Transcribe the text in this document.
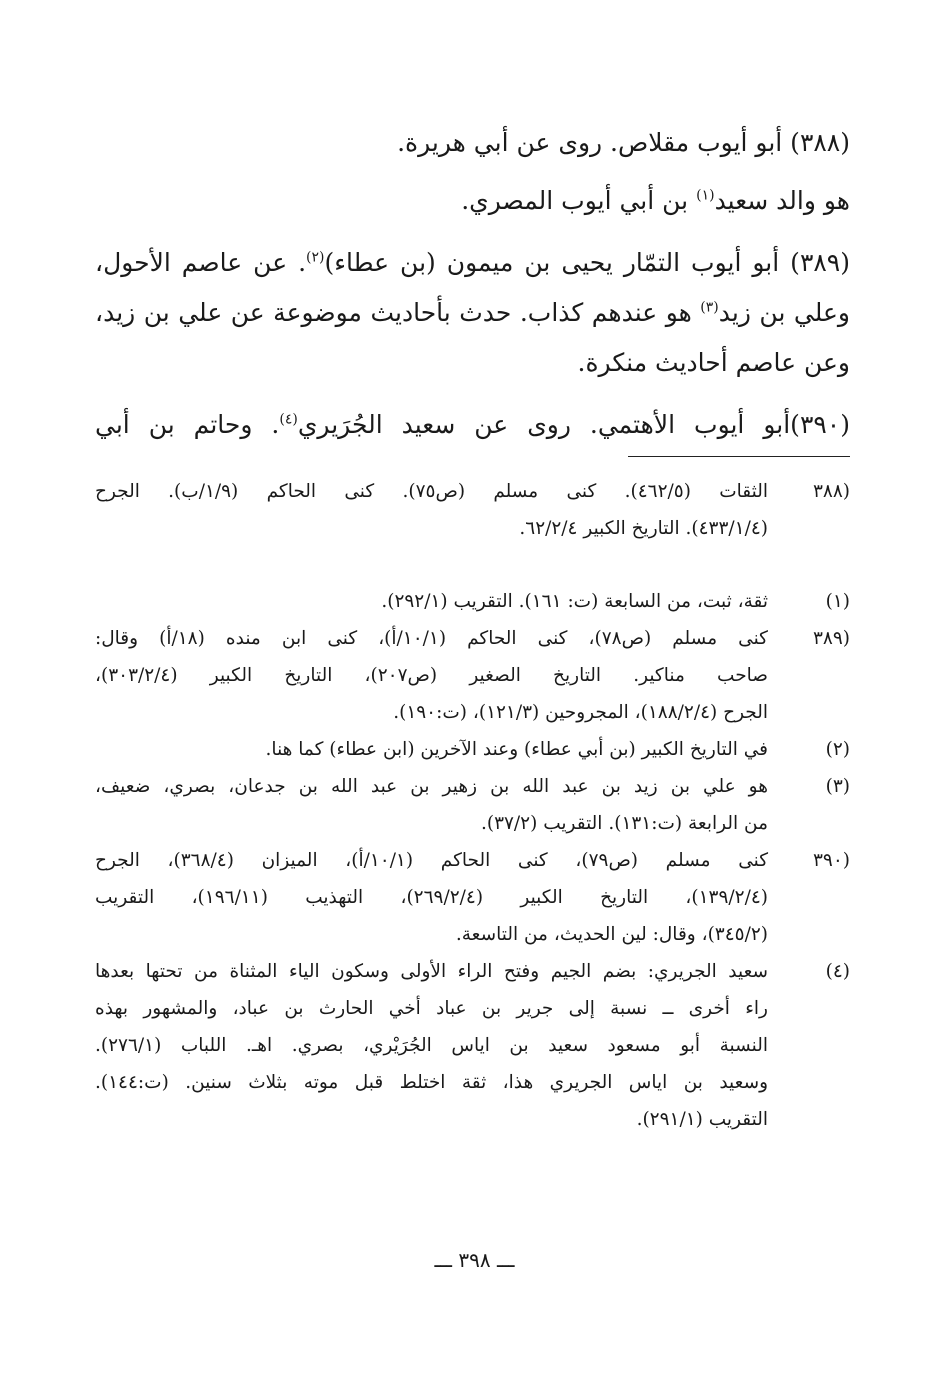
(٣٨٨) أبو أيوب مقلاص. روى عن أبي هريرة.

هو والد سعيد$^{(١)}$ بن أبي أيوب المصري.

(٣٨٩) أبو أيوب التمّار يحيى بن ميمون (بن عطاء)$^{(٢)}$. عن عاصم الأحول،
وعلي بن زيد$^{(٣)}$ هو عندهم كذاب. حدث بأحاديث موضوعة عن علي بن زيد،
وعن عاصم أحاديث منكرة.

(٣٩٠)أبو أيوب الأهتمي. روى عن سعيد الجُرَيري$^{(٤)}$. وحاتم بن أبي

(٣٨٨
الثقات (٤٦٢/٥). كنى مسلم (ص٧٥). كنى الحاكم (١/٩/ب). الجرح
(٤٣٣/١/٤). التاريخ الكبير ٦٢/٢/٤.
(١)
ثقة، ثبت، من السابعة (ت: ١٦١). التقريب (٢٩٢/١).
(٣٨٩
كنى مسلم (ص٧٨)، كنى الحاكم (١٠/١/أ)، كنى ابن منده (١٨/أ) وقال:
صاحب مناكير. التاريخ الصغير (ص٢٠٧)، التاريخ الكبير (٣٠٣/٢/٤)،
الجرح (١٨٨/٢/٤)، المجروحين (١٢١/٣)، (ت:١٩٠).
(٢)
في التاريخ الكبير (بن أبي عطاء) وعند الآخرين (ابن عطاء) كما هنا.
(٣)
هو علي بن زيد بن عبد الله بن زهير بن عبد الله بن جدعان، بصري، ضعيف،
من الرابعة (ت:١٣١). التقريب (٣٧/٢).
(٣٩٠
كنى مسلم (ص٧٩)، كنى الحاكم (١٠/١/أ)، الميزان (٣٦٨/٤)، الجرح
(١٣٩/٢/٤)، التاريخ الكبير (٢٦٩/٢/٤)، التهذيب (١٩٦/١١)، التقريب
(٣٤٥/٢)، وقال: لين الحديث، من التاسعة.
(٤)
سعيد الجريري: بضم الجيم وفتح الراء الأولى وسكون الياء المثناة من تحتها بعدها
راء أخرى ــ نسبة إلى جرير بن عباد أخي الحارث بن عباد، والمشهور بهذه
النسبة أبو مسعود سعيد بن اياس الجُرَيْري، بصري. اهـ. اللباب (٢٧٦/١).
وسعيد بن اياس الجريري هذا، ثقة اختلط قبل موته بثلاث سنين. (ت:١٤٤).
التقريب (٢٩١/١).
ـــ ٣٩٨ ـــ
